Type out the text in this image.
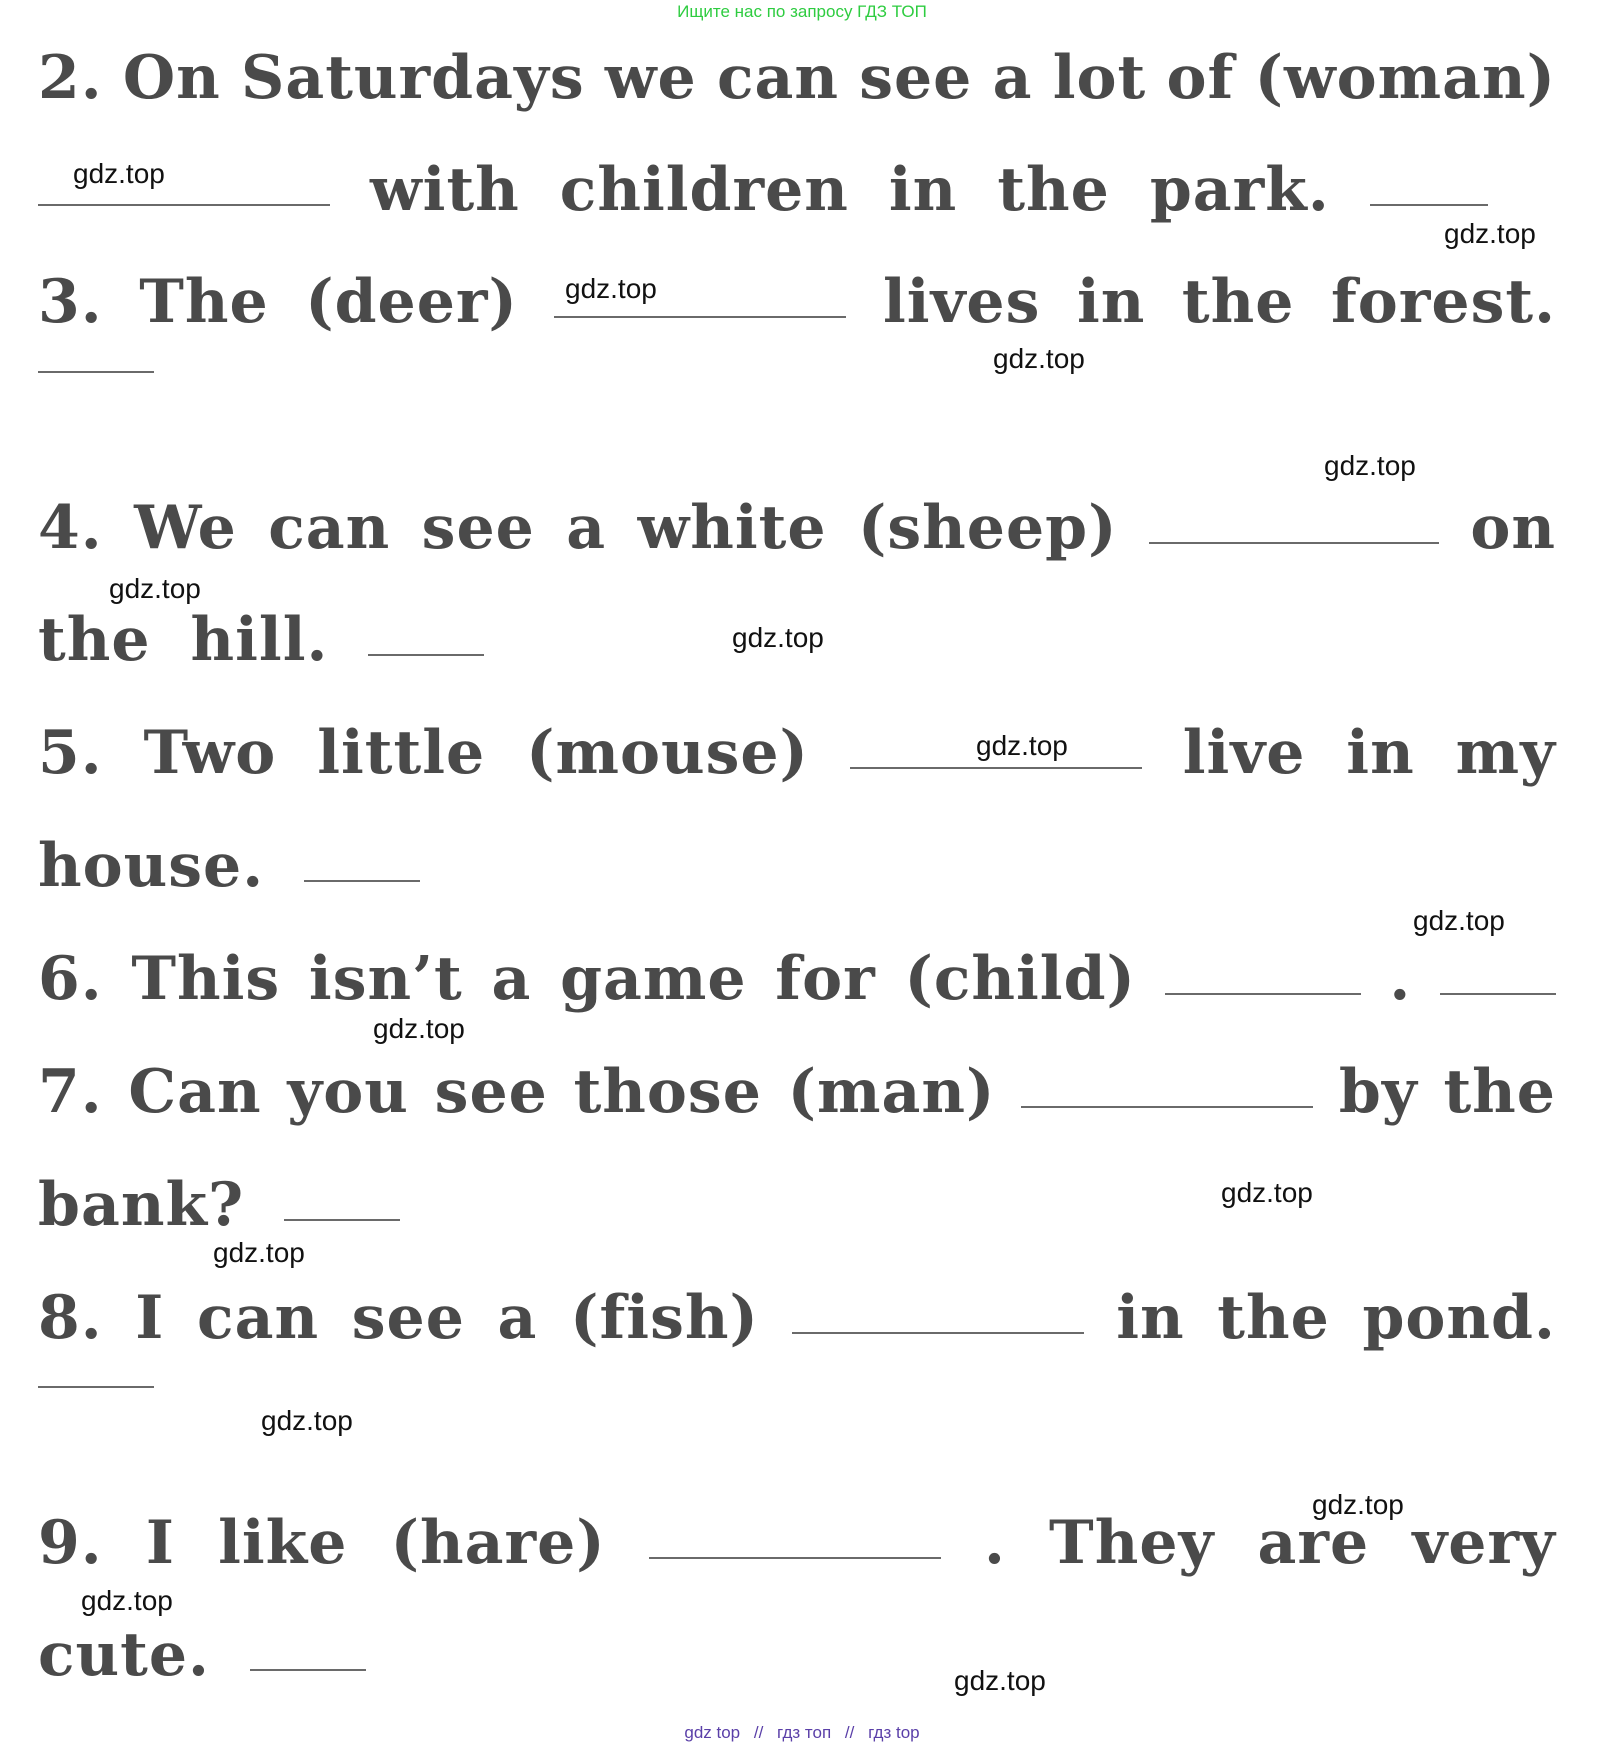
Ищите нас по запросу ГДЗ ТОП
2. On Saturdays we can see a lot of (woman)
with children in the park.
3. The (deer)	lives in the forest.
4. We can see a white (sheep)	on
the hill.
5. Two little (mouse)	live in my
house.
6. This isn’t a game for (child)	.
7. Can you see those (man)	by the
bank?
8. I can see a (fish)	in the pond.
9. I like (hare)	. They are very
cute.
gdz.top
gdz.top
gdz.top
gdz.top
gdz.top
gdz.top
gdz.top
gdz.top
gdz.top
gdz.top
gdz.top
gdz.top
gdz.top
gdz.top
gdz.top
gdz.top
gdz top // гдз топ // гдз top
